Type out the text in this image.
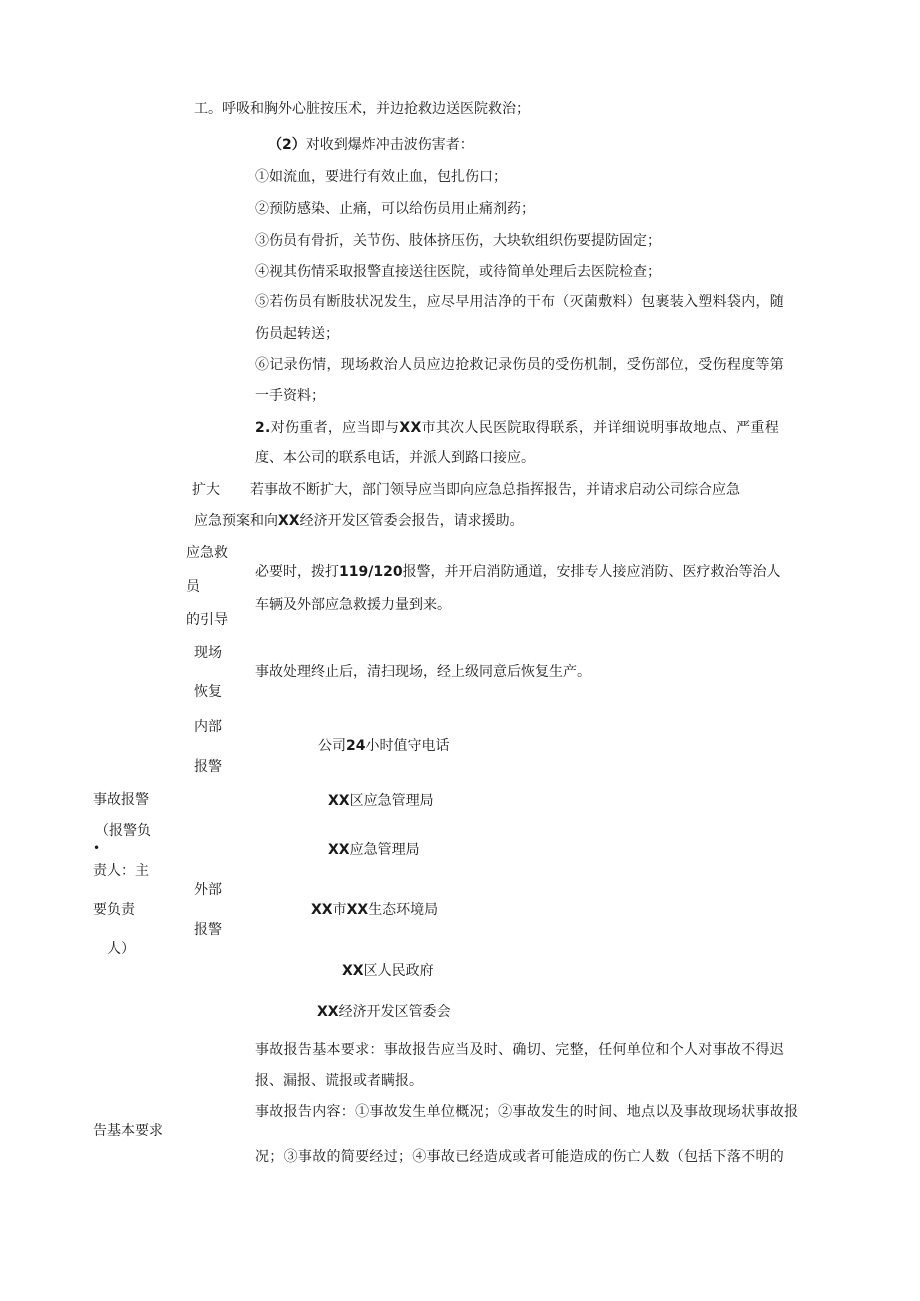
工。呼吸和胸外心脏按压术，并边抢救边送医院救治；
（2）对收到爆炸冲击波伤害者：
①如流血，要进行有效止血，包扎伤口；
②预防感染、止痛，可以给伤员用止痛剂药；
③伤员有骨折，关节伤、肢体挤压伤，大块软组织伤要提防固定；
④视其伤情采取报警直接送往医院，或待简单处理后去医院检查；
⑤若伤员有断肢状况发生，应尽早用洁净的干布（灭菌敷料）包裹装入塑料袋内，随
伤员起转送；
⑥记录伤情，现场救治人员应边抢救记录伤员的受伤机制，受伤部位，受伤程度等第
一手资料；
2.对伤重者，应当即与XX市其次人民医院取得联系，并详细说明事故地点、严重程
度、本公司的联系电话，并派人到路口接应。
扩大 若事故不断扩大，部门领导应当即向应急总指挥报告，并请求启动公司综合应急
应急预案和向XX经济开发区管委会报告，请求援助。
应急救
员
的引导
必要时，拨打119/120报警，并开启消防通道，安排专人接应消防、医疗救治等治人
车辆及外部应急救援力量到来。
现场
恢复
事故处理终止后，清扫现场，经上级同意后恢复生产。
内部
报警
公司24小时值守电话
事故报警
（报警负
•
责人：主
要负责
人）
XX区应急管理局
XX应急管理局
外部
报警
XX市XX生态环境局
XX区人民政府
XX经济开发区管委会
事故报告基本要求：事故报告应当及时、确切、完整，任何单位和个人对事故不得迟
报、漏报、谎报或者瞒报。
事故报告内容：①事故发生单位概况；②事故发生的时间、地点以及事故现场状事故报
告基本要求
况；③事故的简要经过；④事故已经造成或者可能造成的伤亡人数（包括下落不明的
